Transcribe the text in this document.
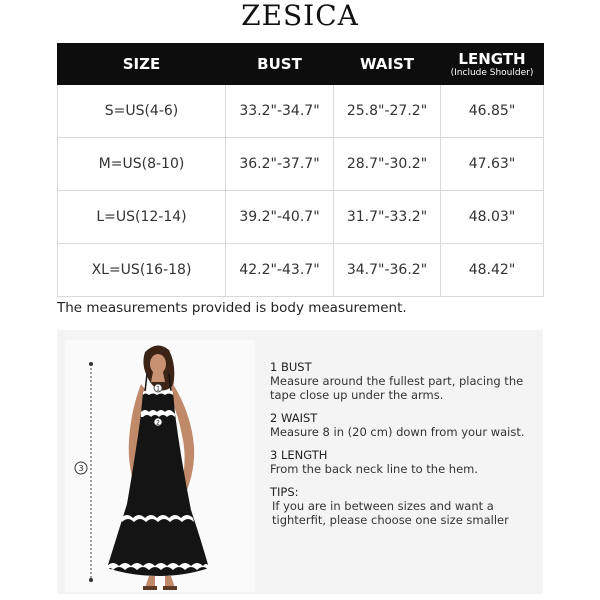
ZESICA
SIZE	BUST	WAIST	LENGTH
(Include Shoulder)

S=US(4-6)	33.2"-34.7"	25.8"-27.2"	46.85"
M=US(8-10)	36.2"-37.7"	28.7"-30.2"	47.63"
L=US(12-14)	39.2"-40.7"	31.7"-33.2"	48.03"
XL=US(16-18)	42.2"-43.7"	34.7"-36.2"	48.42"
The measurements provided is body measurement.
3
1
2
1 BUST
Measure around the fullest part, placing the tape close up under the arms.
2 WAIST
Measure 8 in (20 cm) down from your waist.
3 LENGTH
From the back neck line to the hem.
TIPS:
If you are in between sizes and want a tighterfit, please choose one size smaller
